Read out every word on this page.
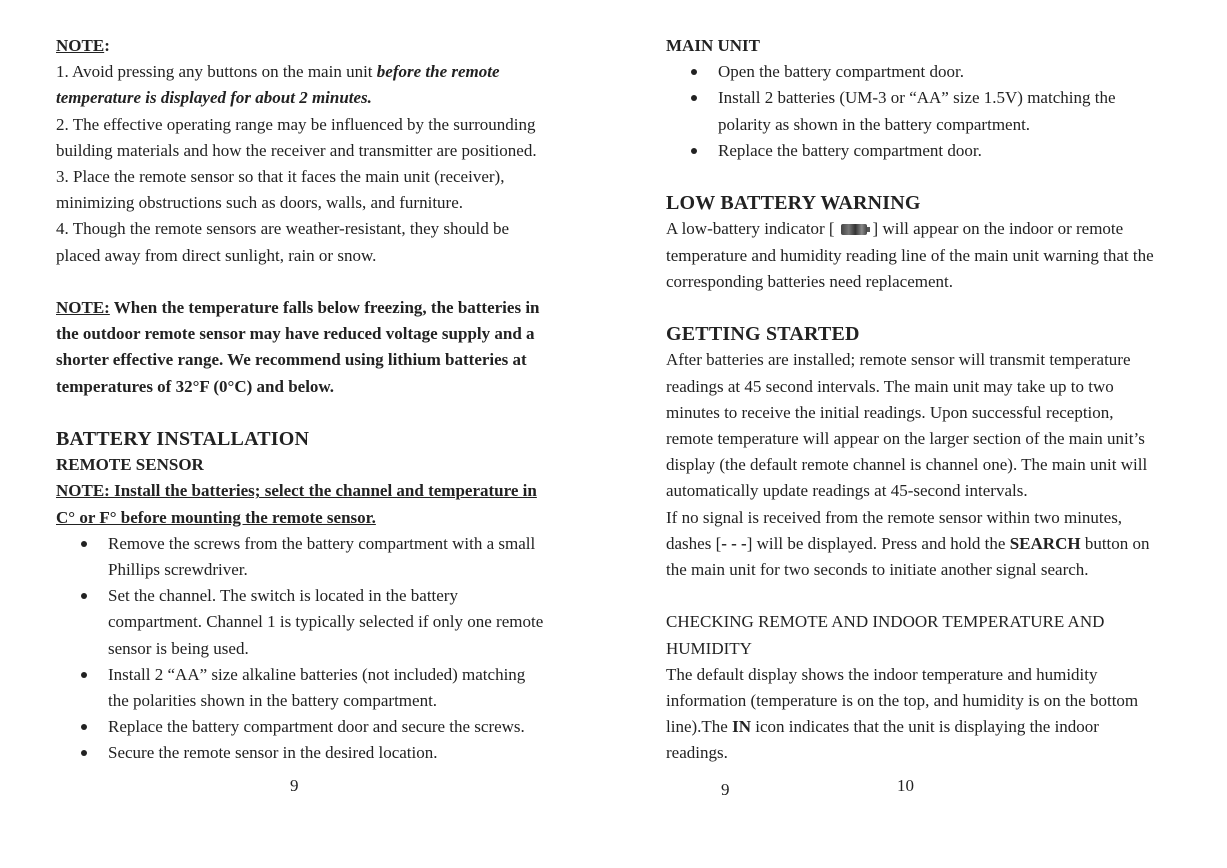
NOTE:

1. Avoid pressing any buttons on the main unit before the remote

temperature is displayed for about 2 minutes.

2. The effective operating range may be influenced by the surrounding

building materials and how the receiver and transmitter are positioned.

3. Place the remote sensor so that it faces the main unit (receiver),

minimizing obstructions such as doors, walls, and furniture.

4. Though the remote sensors are weather-resistant, they should be

placed away from direct sunlight, rain or snow.

NOTE: When the temperature falls below freezing, the batteries in

the outdoor remote sensor may have reduced voltage supply and a

shorter effective range. We recommend using lithium batteries at

temperatures of 32°F (0°C) and below.

BATTERY INSTALLATION

REMOTE SENSOR

NOTE: Install the batteries; select the channel and temperature in

C° or F° before mounting the remote sensor.

Remove the screws from the battery compartment with a small
Phillips screwdriver.
Set the channel. The switch is located in the battery
compartment. Channel 1 is typically selected if only one remote
sensor is being used.
Install 2 “AA” size alkaline batteries (not included) matching
the polarities shown in the battery compartment.
Replace the battery compartment door and secure the screws.
Secure the remote sensor in the desired location.
9

MAIN UNIT

Open the battery compartment door.
Install 2 batteries (UM-3 or “AA” size 1.5V) matching the
polarity as shown in the battery compartment.
Replace the battery compartment door.

LOW BATTERY WARNING

A low-battery indicator [ ] will appear on the indoor or remote

temperature and humidity reading line of the main unit warning that the

corresponding batteries need replacement.

GETTING STARTED

After batteries are installed; remote sensor will transmit temperature

readings at 45 second intervals. The main unit may take up to two

minutes to receive the initial readings. Upon successful reception,

remote temperature will appear on the larger section of the main unit’s

display (the default remote channel is channel one). The main unit will

automatically update readings at 45-second intervals.

If no signal is received from the remote sensor within two minutes,

dashes [- - -] will be displayed. Press and hold the SEARCH button on

the main unit for two seconds to initiate another signal search.

CHECKING REMOTE AND INDOOR TEMPERATURE AND

HUMIDITY

The default display shows the indoor temperature and humidity

information (temperature is on the top, and humidity is on the bottom

line).The IN icon indicates that the unit is displaying the indoor

readings.

9	10
